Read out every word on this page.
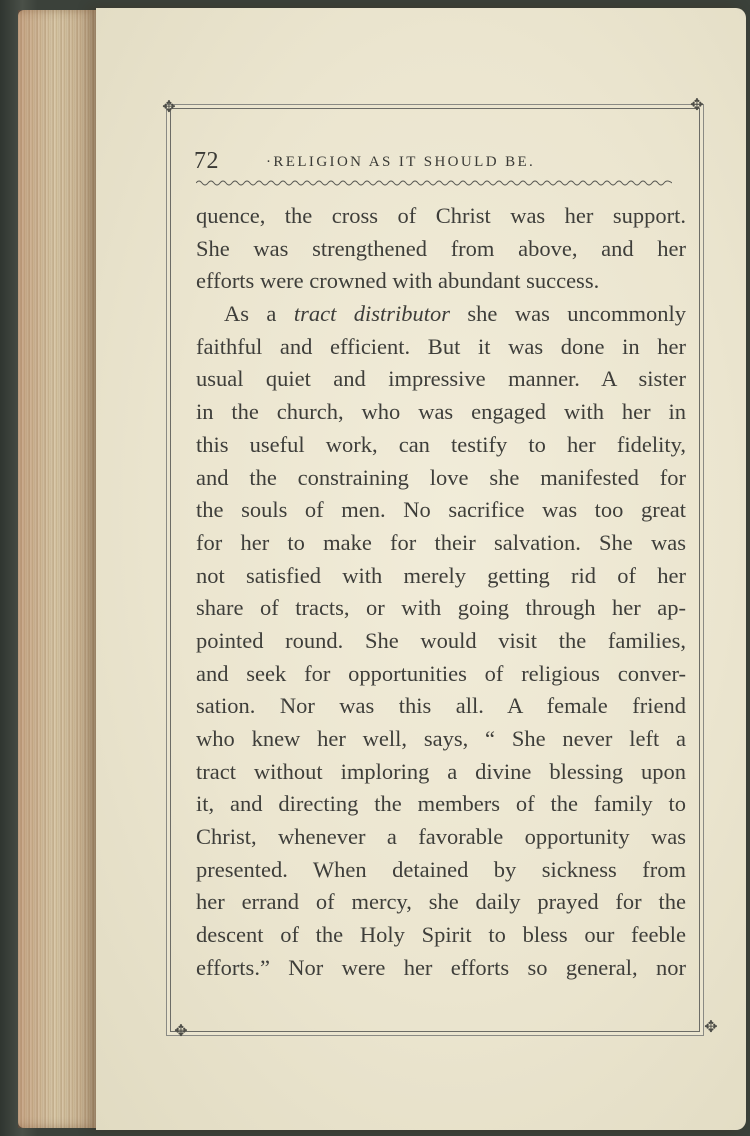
✥	✥
✥	✥
72	·RELIGION AS IT SHOULD BE.
quence, the cross of Christ was her support.
She was strengthened from above, and her
efforts were crowned with abundant success.
As a tract distributor she was uncommonly
faithful and efficient. But it was done in her
usual quiet and impressive manner. A sister
in the church, who was engaged with her in
this useful work, can testify to her fidelity,
and the constraining love she manifested for
the souls of men. No sacrifice was too great
for her to make for their salvation. She was
not satisfied with merely getting rid of her
share of tracts, or with going through her ap-
pointed round. She would visit the families,
and seek for opportunities of religious conver-
sation. Nor was this all. A female friend
who knew her well, says, “ She never left a
tract without imploring a divine blessing upon
it, and directing the members of the family to
Christ, whenever a favorable opportunity was
presented. When detained by sickness from
her errand of mercy, she daily prayed for the
descent of the Holy Spirit to bless our feeble
efforts.” Nor were her efforts so general, nor
